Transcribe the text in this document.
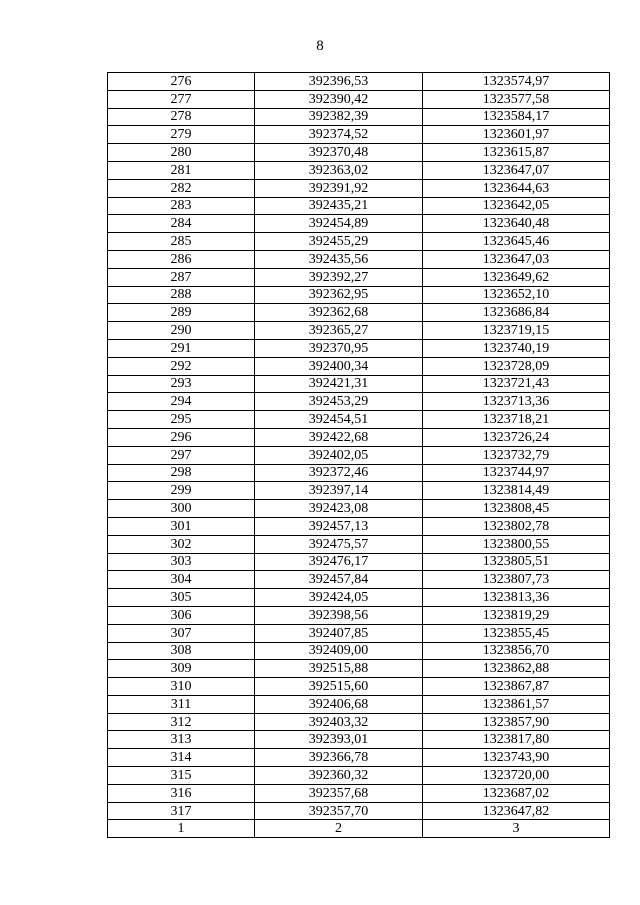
8
276	392396,53	1323574,97
277	392390,42	1323577,58
278	392382,39	1323584,17
279	392374,52	1323601,97
280	392370,48	1323615,87
281	392363,02	1323647,07
282	392391,92	1323644,63
283	392435,21	1323642,05
284	392454,89	1323640,48
285	392455,29	1323645,46
286	392435,56	1323647,03
287	392392,27	1323649,62
288	392362,95	1323652,10
289	392362,68	1323686,84
290	392365,27	1323719,15
291	392370,95	1323740,19
292	392400,34	1323728,09
293	392421,31	1323721,43
294	392453,29	1323713,36
295	392454,51	1323718,21
296	392422,68	1323726,24
297	392402,05	1323732,79
298	392372,46	1323744,97
299	392397,14	1323814,49
300	392423,08	1323808,45
301	392457,13	1323802,78
302	392475,57	1323800,55
303	392476,17	1323805,51
304	392457,84	1323807,73
305	392424,05	1323813,36
306	392398,56	1323819,29
307	392407,85	1323855,45
308	392409,00	1323856,70
309	392515,88	1323862,88
310	392515,60	1323867,87
311	392406,68	1323861,57
312	392403,32	1323857,90
313	392393,01	1323817,80
314	392366,78	1323743,90
315	392360,32	1323720,00
316	392357,68	1323687,02
317	392357,70	1323647,82
1	2	3
